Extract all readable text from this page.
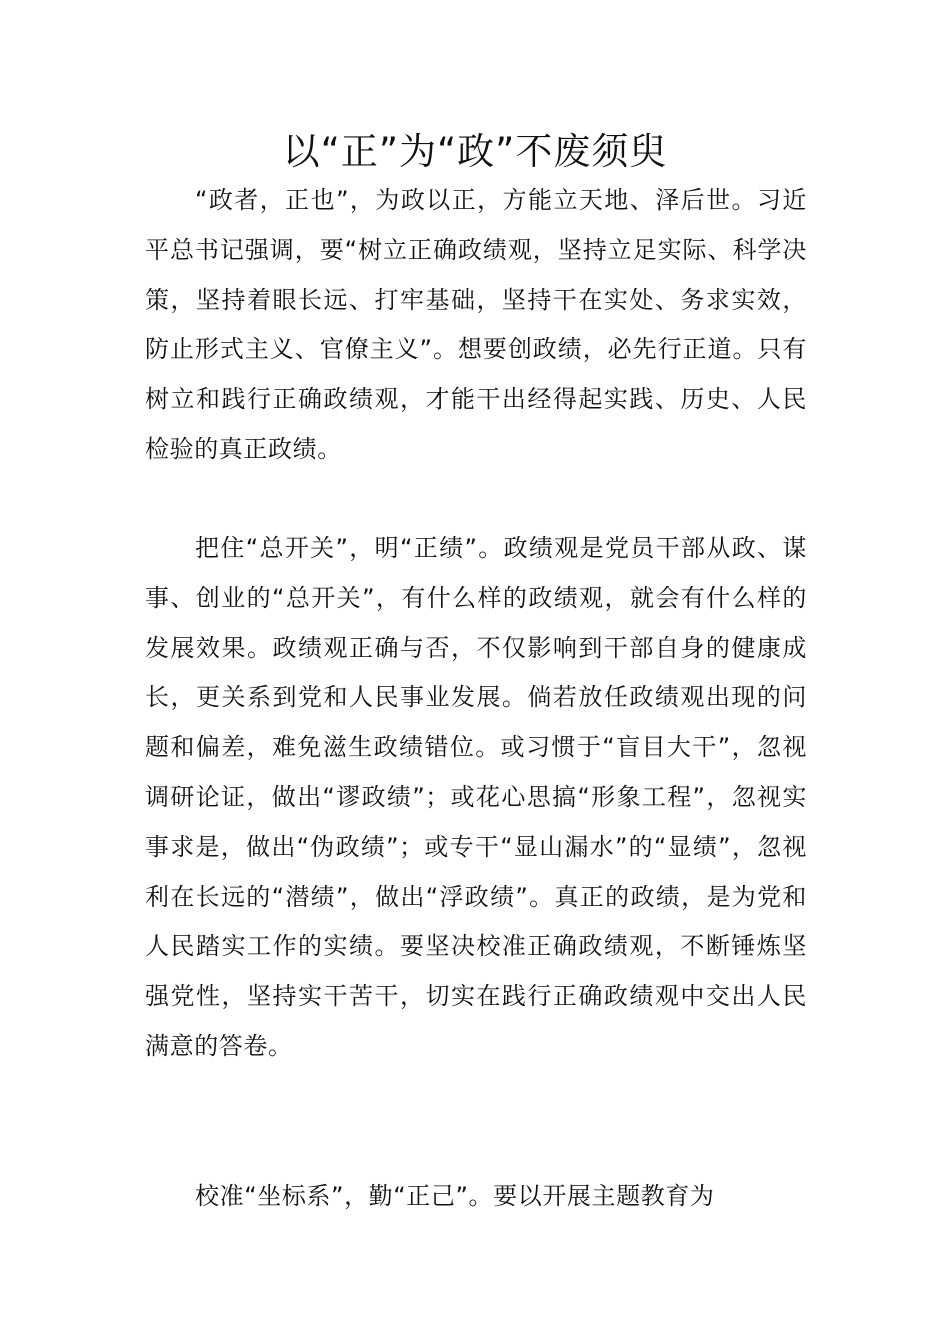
以“正”为“政”不废须臾

“政者，正也”，为政以正，方能立天地、泽后世。习近平总书记强调，要“树立正确政绩观，坚持立足实际、科学决策，坚持着眼长远、打牢基础，坚持干在实处、务求实效，防止形式主义、官僚主义”。想要创政绩，必先行正道。只有树立和践行正确政绩观，才能干出经得起实践、历史、人民检验的真正政绩。

把住“总开关”，明“正绩”。政绩观是党员干部从政、谋事、创业的“总开关”，有什么样的政绩观，就会有什么样的发展效果。政绩观正确与否，不仅影响到干部自身的健康成长，更关系到党和人民事业发展。倘若放任政绩观出现的问题和偏差，难免滋生政绩错位。或习惯于“盲目大干”，忽视调研论证，做出“谬政绩”；或花心思搞“形象工程”，忽视实事求是，做出“伪政绩”；或专干“显山漏水”的“显绩”，忽视利在长远的“潜绩”，做出“浮政绩”。真正的政绩，是为党和人民踏实工作的实绩。要坚决校准正确政绩观，不断锤炼坚强党性，坚持实干苦干，切实在践行正确政绩观中交出人民满意的答卷。

校准“坐标系”，勤“正己”。要以开展主题教育为
